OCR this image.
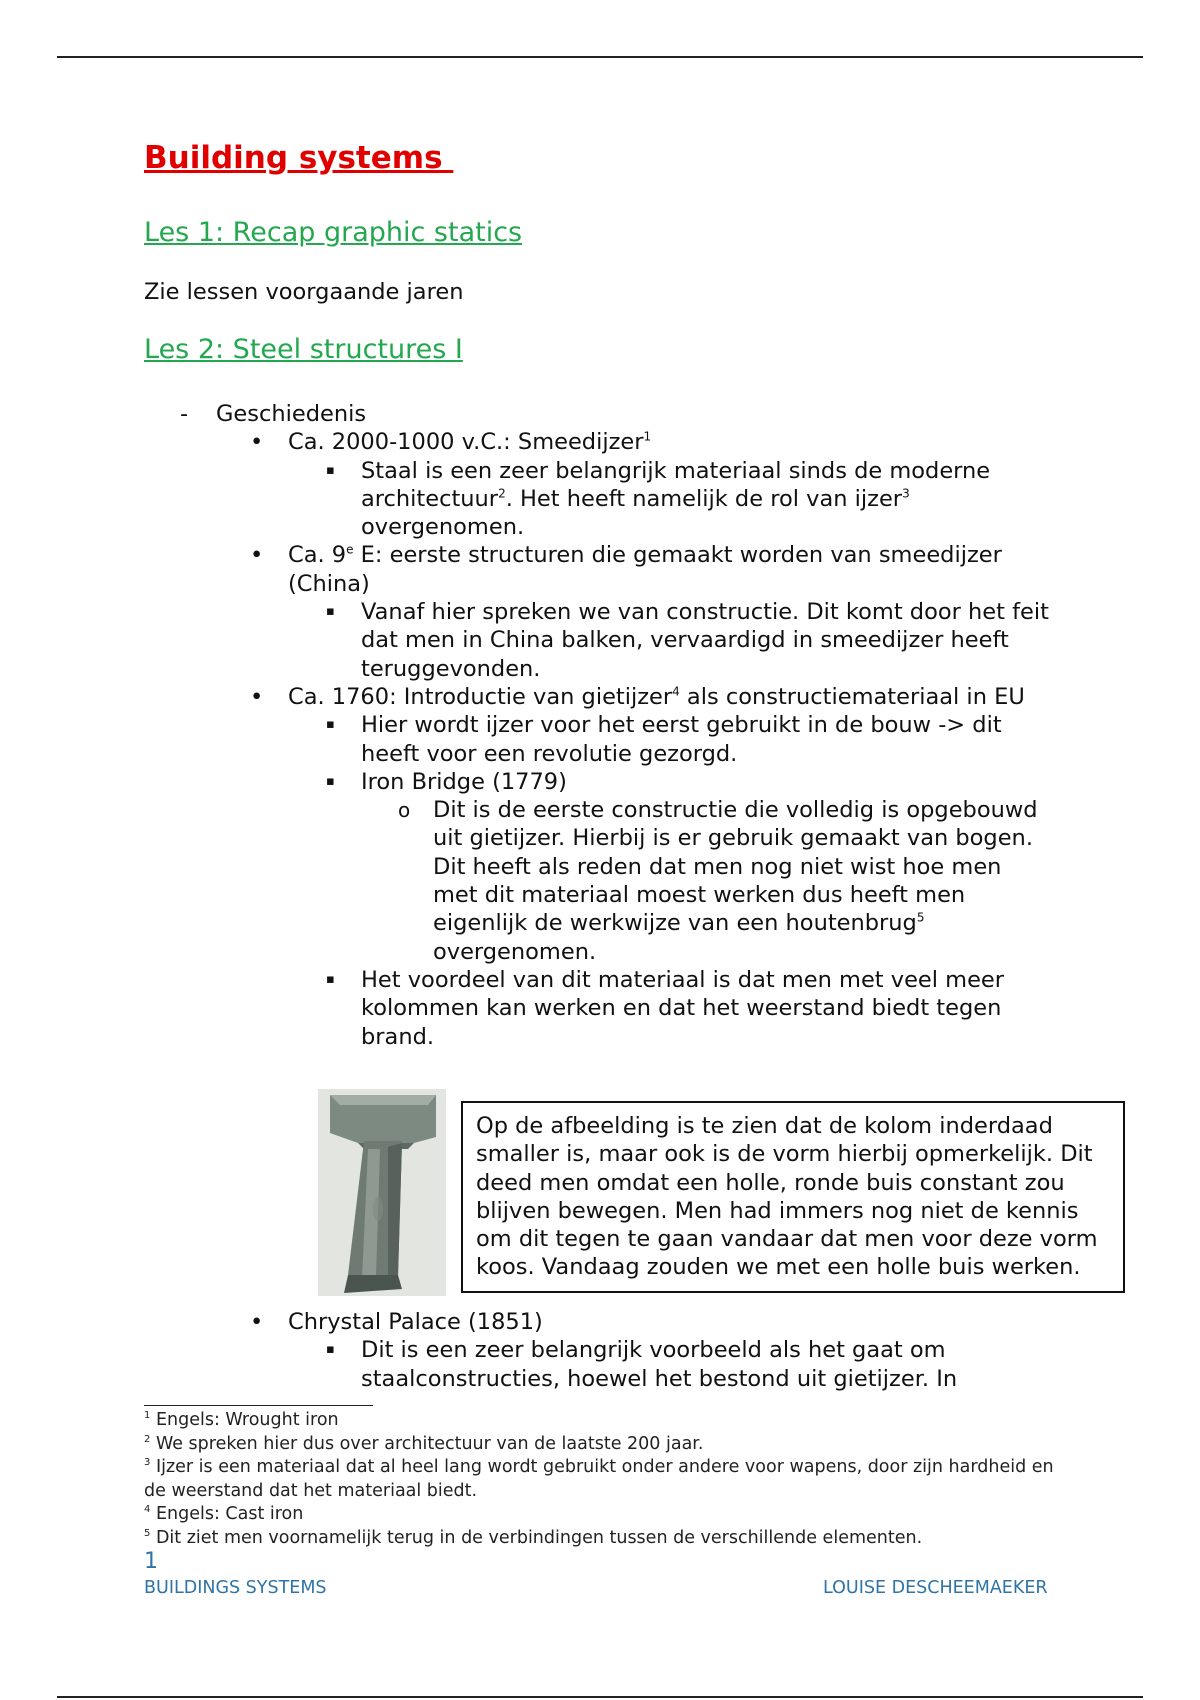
Building systems
Les 1: Recap graphic statics

Zie lessen voorgaande jaren

Les 2: Steel structures I
- Geschiedenis
• Ca. 2000-1000 v.C.: Smeedijzer$^1$
▪ Staal is een zeer belangrijk materiaal sinds de moderne architectuur$^2$. Het heeft namelijk de rol van ijzer$^3$ overgenomen.
• Ca. 9e E: eerste structuren die gemaakt worden van smeedijzer (China)
▪ Vanaf hier spreken we van constructie. Dit komt door het feit dat men in China balken, vervaardigd in smeedijzer heeft teruggevonden.
• Ca. 1760: Introductie van gietijzer$^4$ als constructiemateriaal in EU
▪ Hier wordt ijzer voor het eerst gebruikt in de bouw -> dit heeft voor een revolutie gezorgd.
▪ Iron Bridge (1779)
o Dit is de eerste constructie die volledig is opgebouwd uit gietijzer. Hierbij is er gebruik gemaakt van bogen. Dit heeft als reden dat men nog niet wist hoe men met dit materiaal moest werken dus heeft men eigenlijk de werkwijze van een houtenbrug$^5$ overgenomen.
▪ Het voordeel van dit materiaal is dat men met veel meer kolommen kan werken en dat het weerstand biedt tegen brand.

Op de afbeelding is te zien dat de kolom inderdaad smaller is, maar ook is de vorm hierbij opmerkelijk. Dit deed men omdat een holle, ronde buis constant zou blijven bewegen. Men had immers nog niet de kennis om dit tegen te gaan vandaar dat men voor deze vorm koos. Vandaag zouden we met een holle buis werken.

• Chrystal Palace (1851)
▪ Dit is een zeer belangrijk voorbeeld als het gaat om staalconstructies, hoewel het bestond uit gietijzer. In

$^1$ Engels: Wrought iron

$^2$ We spreken hier dus over architectuur van de laatste 200 jaar.

$^3$ Ijzer is een materiaal dat al heel lang wordt gebruikt onder andere voor wapens, door zijn hardheid en de weerstand dat het materiaal biedt.

$^4$ Engels: Cast iron

$^5$ Dit ziet men voornamelijk terug in de verbindingen tussen de verschillende elementen.

1
BUILDINGS SYSTEMS	LOUISE DESCHEEMAEKER
